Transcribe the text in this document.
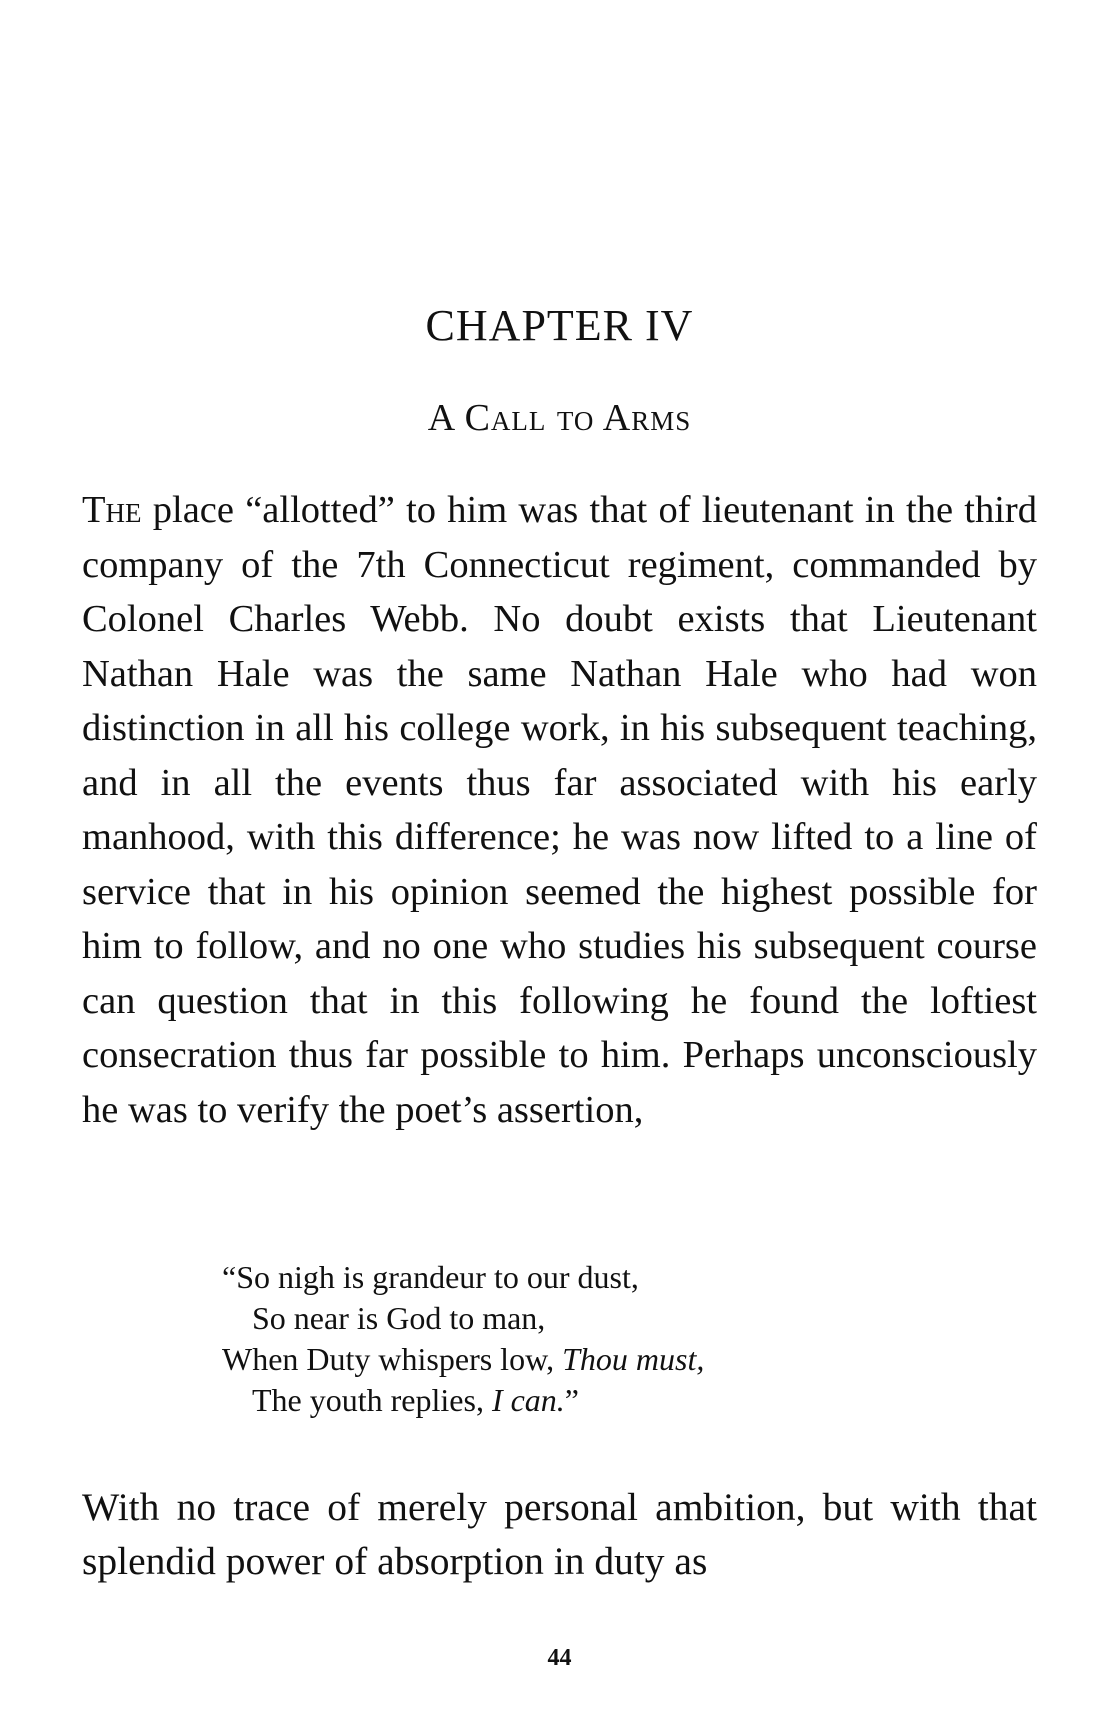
CHAPTER IV
A Call to Arms

The place “allotted” to him was that of lieutenant in the third company of the 7th Connecticut regiment, commanded by Colonel Charles Webb. No doubt exists that Lieutenant Nathan Hale was the same Nathan Hale who had won distinction in all his college work, in his subsequent teaching, and in all the events thus far associated with his early manhood, with this difference; he was now lifted to a line of service that in his opinion seemed the highest possible for him to follow, and no one who studies his subsequent course can question that in this following he found the loftiest consecration thus far possible to him. Perhaps unconsciously he was to verify the poet’s assertion,

“So nigh is grandeur to our dust,
So near is God to man,
When Duty whispers low, Thou must,
The youth replies, I can.”

With no trace of merely personal ambition, but with that splendid power of absorption in duty as

44
